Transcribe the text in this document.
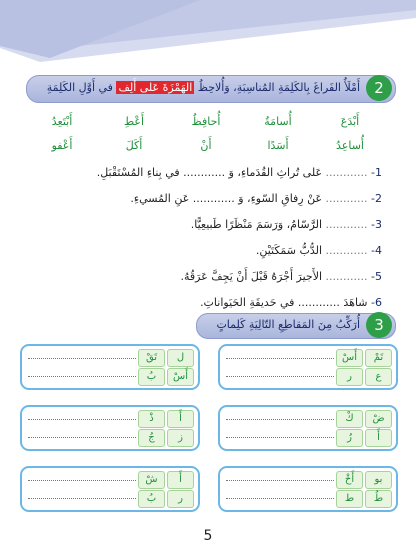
2
أَمْلَأُ الفَراغَ بِالكَلِمَةِ المُناسِبَةِ، وَأُلاحِظُ الهَمْزَةَ عَلى أَلِف في أَوَّلِ الكَلِمَةِ
أَبْدَعَ
أُسامَةُ
أُحافِظُ
أَعْطِ
أَبْتَعِدُ
أُساعِدُ
أَسَدًا
أَنْ
أَكَلَ
أَعْفو
1- ............ عَلى تُراثِ القُدَماءِ، وَ ............ في بِناءِ المُسْتَقْبَلِ.
2- ............ عَنْ رِفاقِ السّوءِ، وَ ............ عَنِ المُسيءِ.
3- ............ الرَّسّامُ، وَرَسَمَ مَنْظَرًا طَبيعِيًّا.
4- ............ الدُّبُّ سَمَكَتَيْنِ.
5- ............ الأَجيرَ أَجْرَهُ قَبْلَ أَنْ يَجِفَّ عَرَقُهُ.
6- شاهَدَ ............ في حَديقَةِ الحَيَواناتِ.
3
أُرَكِّبُ مِنَ المَقاطِعِ التّالِيَةِ كَلِماتٍ
تَمْ
أَسْ
ع
ر
ل
تَقْ
أَسْ
بُ
ضْ
كْ
أَ
رُ
أَ
ذْ
ز
جُ
بو
أَخْ
طُ
ط
أَ
شْ
ر
بُ
5
